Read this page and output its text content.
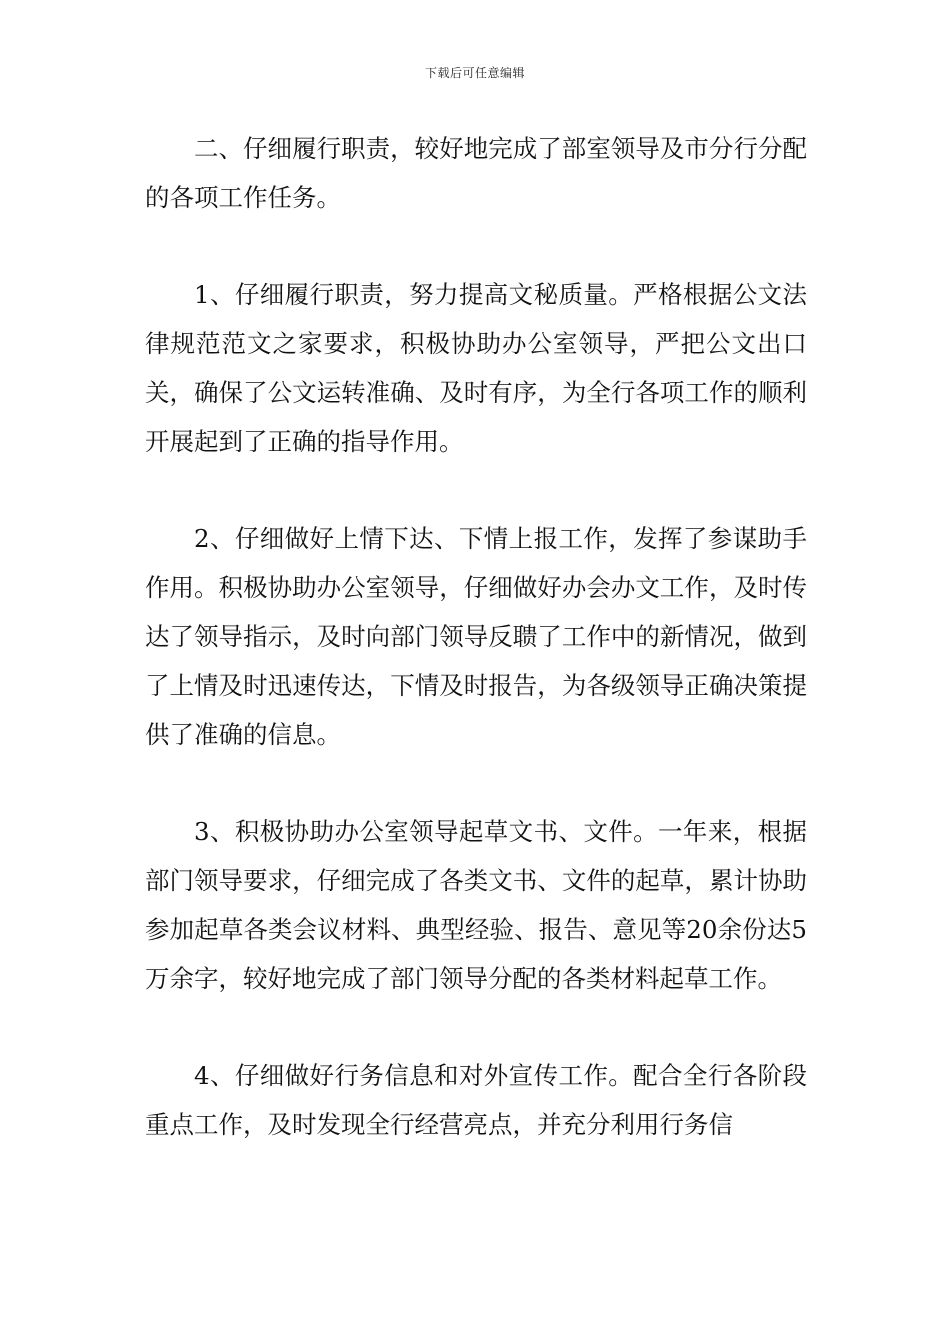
下载后可任意编辑

二、仔细履行职责，较好地完成了部室领导及市分行分配的各项工作任务。

1、仔细履行职责，努力提高文秘质量。严格根据公文法律规范范文之家要求，积极协助办公室领导，严把公文出口关，确保了公文运转准确、及时有序，为全行各项工作的顺利开展起到了正确的指导作用。

2、仔细做好上情下达、下情上报工作，发挥了参谋助手作用。积极协助办公室领导，仔细做好办会办文工作，及时传达了领导指示，及时向部门领导反聩了工作中的新情况，做到了上情及时迅速传达，下情及时报告，为各级领导正确决策提供了准确的信息。

3、积极协助办公室领导起草文书、文件。一年来，根据部门领导要求，仔细完成了各类文书、文件的起草，累计协助参加起草各类会议材料、典型经验、报告、意见等20余份达5万余字，较好地完成了部门领导分配的各类材料起草工作。

4、仔细做好行务信息和对外宣传工作。配合全行各阶段重点工作，及时发现全行经营亮点，并充分利用行务信
